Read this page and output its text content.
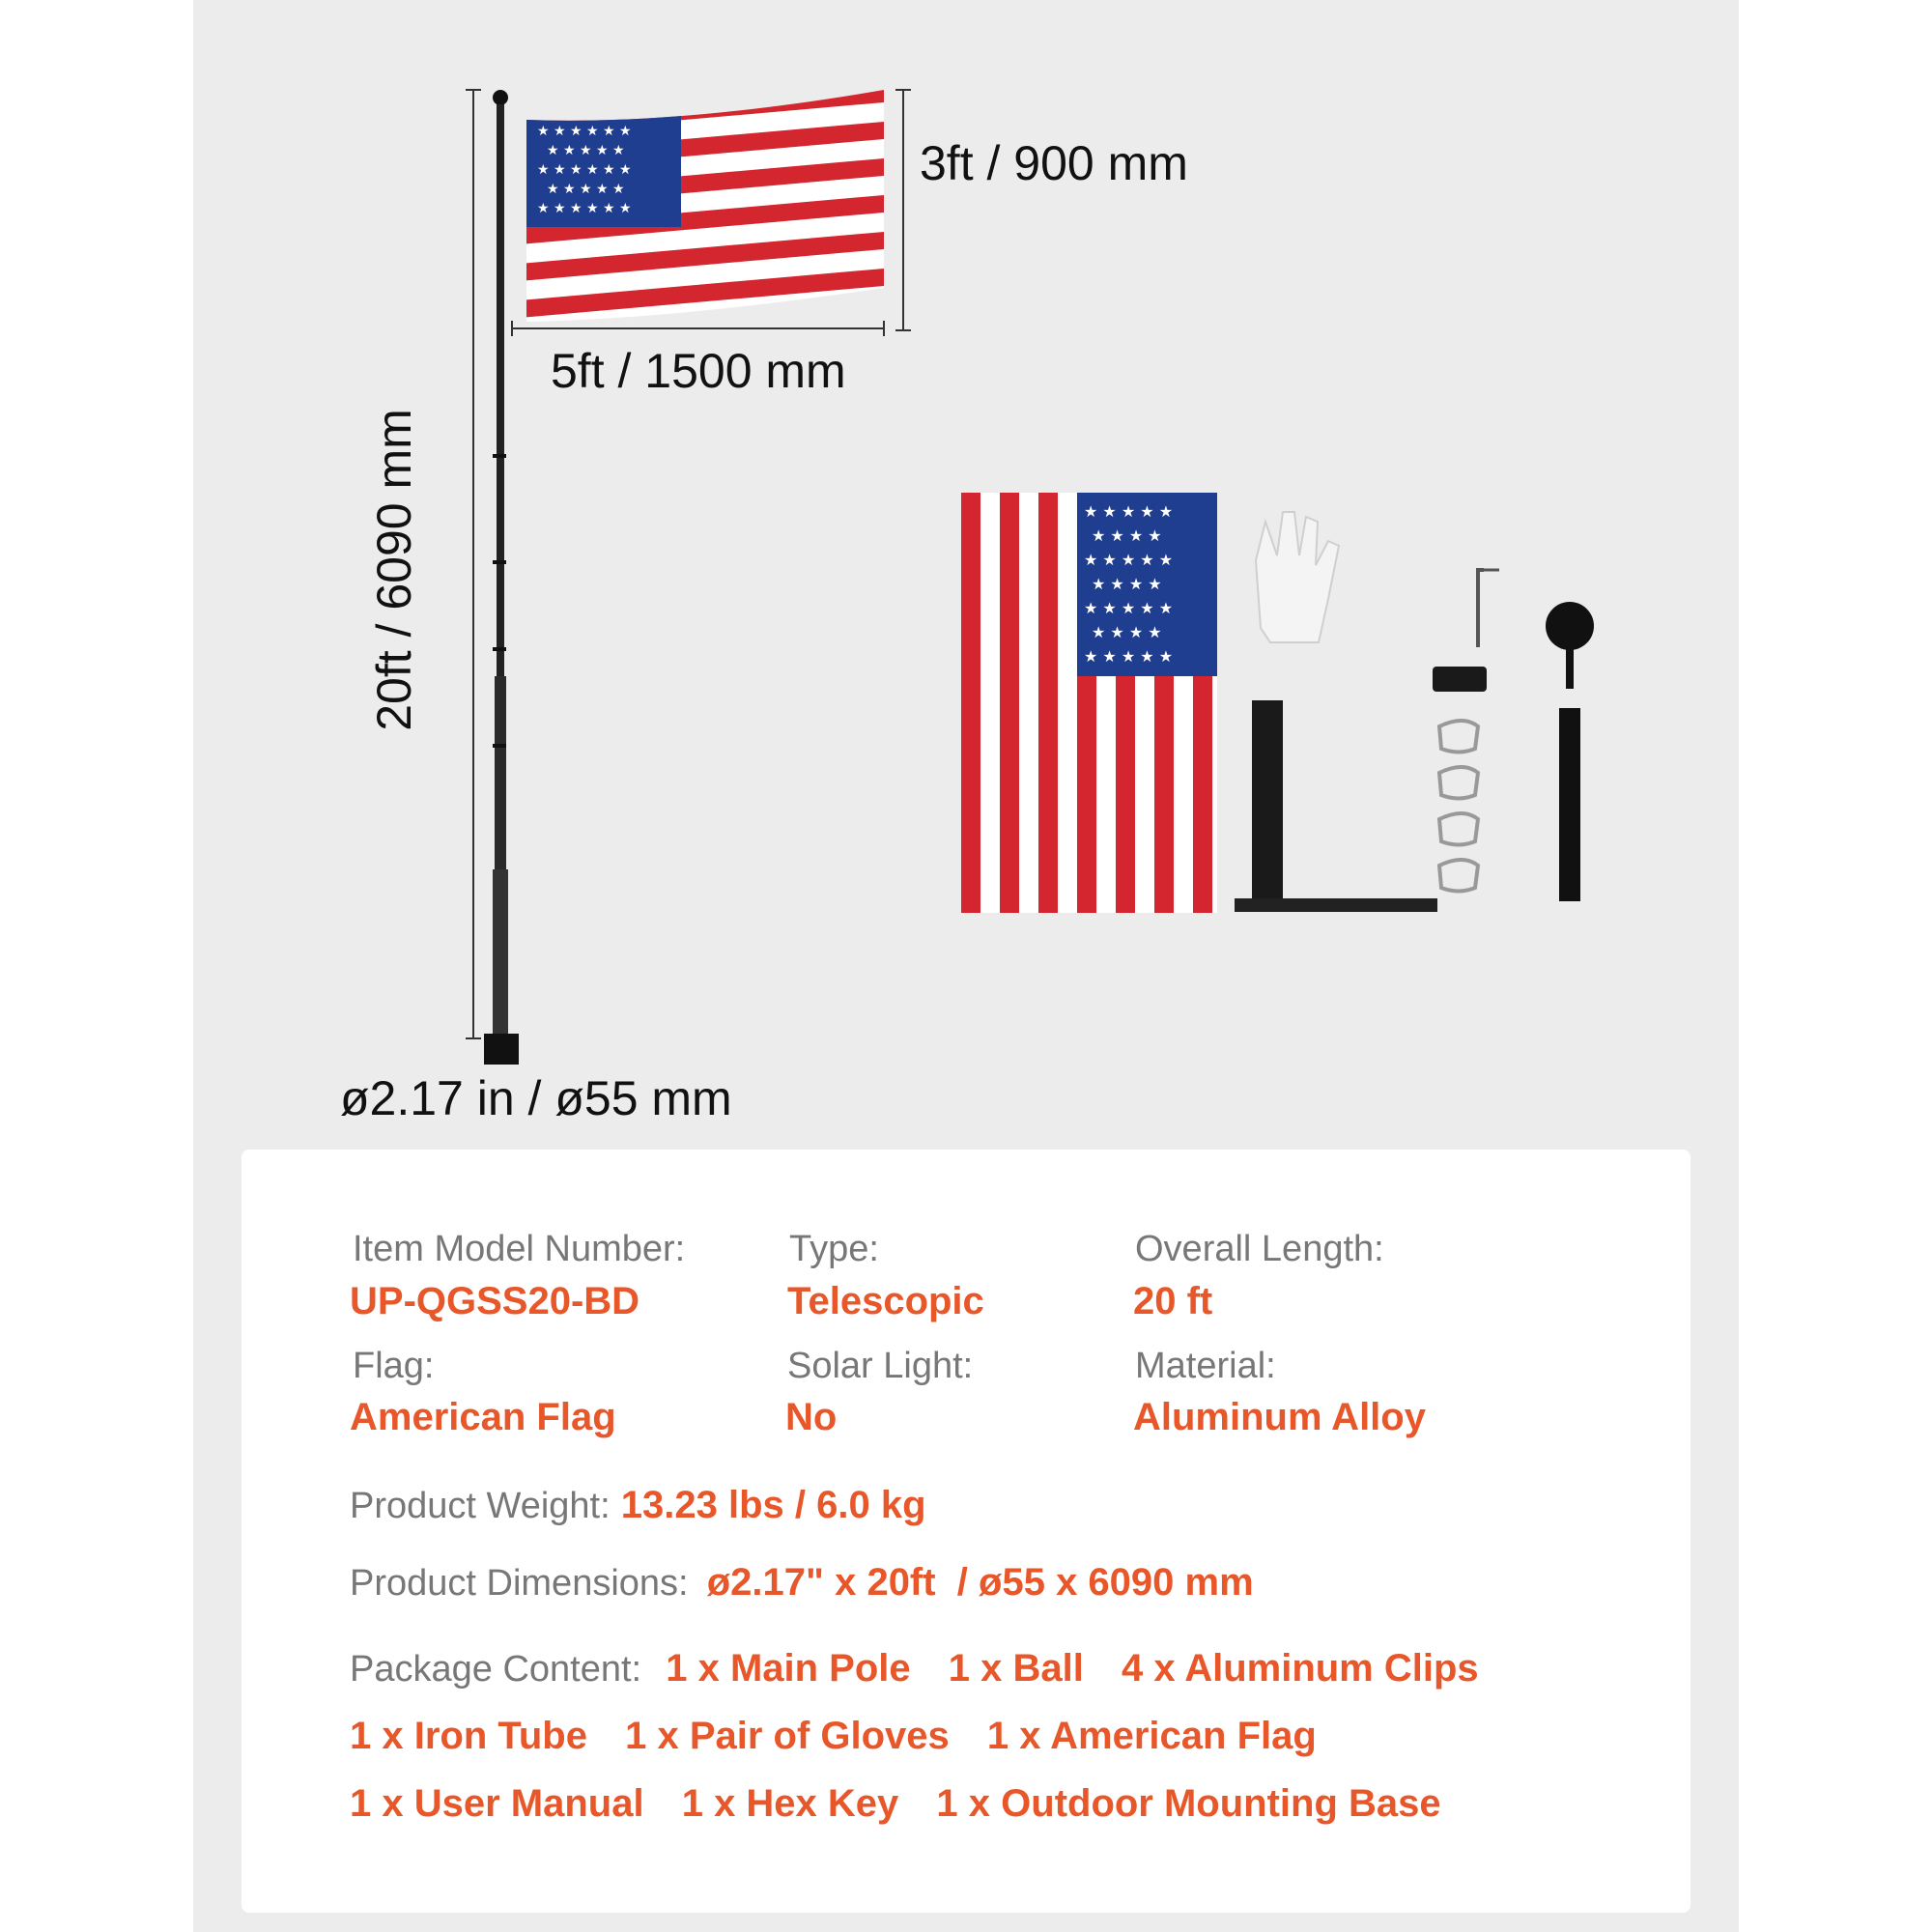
★ ★ ★ ★ ★ ★
★ ★ ★ ★ ★
★ ★ ★ ★ ★ ★
★ ★ ★ ★ ★
★ ★ ★ ★ ★ ★
★ ★ ★ ★ ★
★ ★ ★ ★
★ ★ ★ ★ ★
★ ★ ★ ★
★ ★ ★ ★ ★
★ ★ ★ ★
★ ★ ★ ★ ★
3ft / 900 mm
5ft / 1500 mm
20ft / 6090 mm
ø2.17 in / ø55 mm
Item Model Number:
UP-QGSS20-BD
Type:
Telescopic
Overall Length:
20 ft
Flag:
American Flag
Solar Light:
No
Material:
Aluminum Alloy
Product Weight: 13.23 lbs / 6.0 kg
Product Dimensions: ø2.17" x 20ft  / ø55 x 6090 mm
Package Content: 1 x Main Pole 1 x Ball 4 x Aluminum Clips
1 x Iron Tube 1 x Pair of Gloves 1 x American Flag
1 x User Manual 1 x Hex Key 1 x Outdoor Mounting Base
